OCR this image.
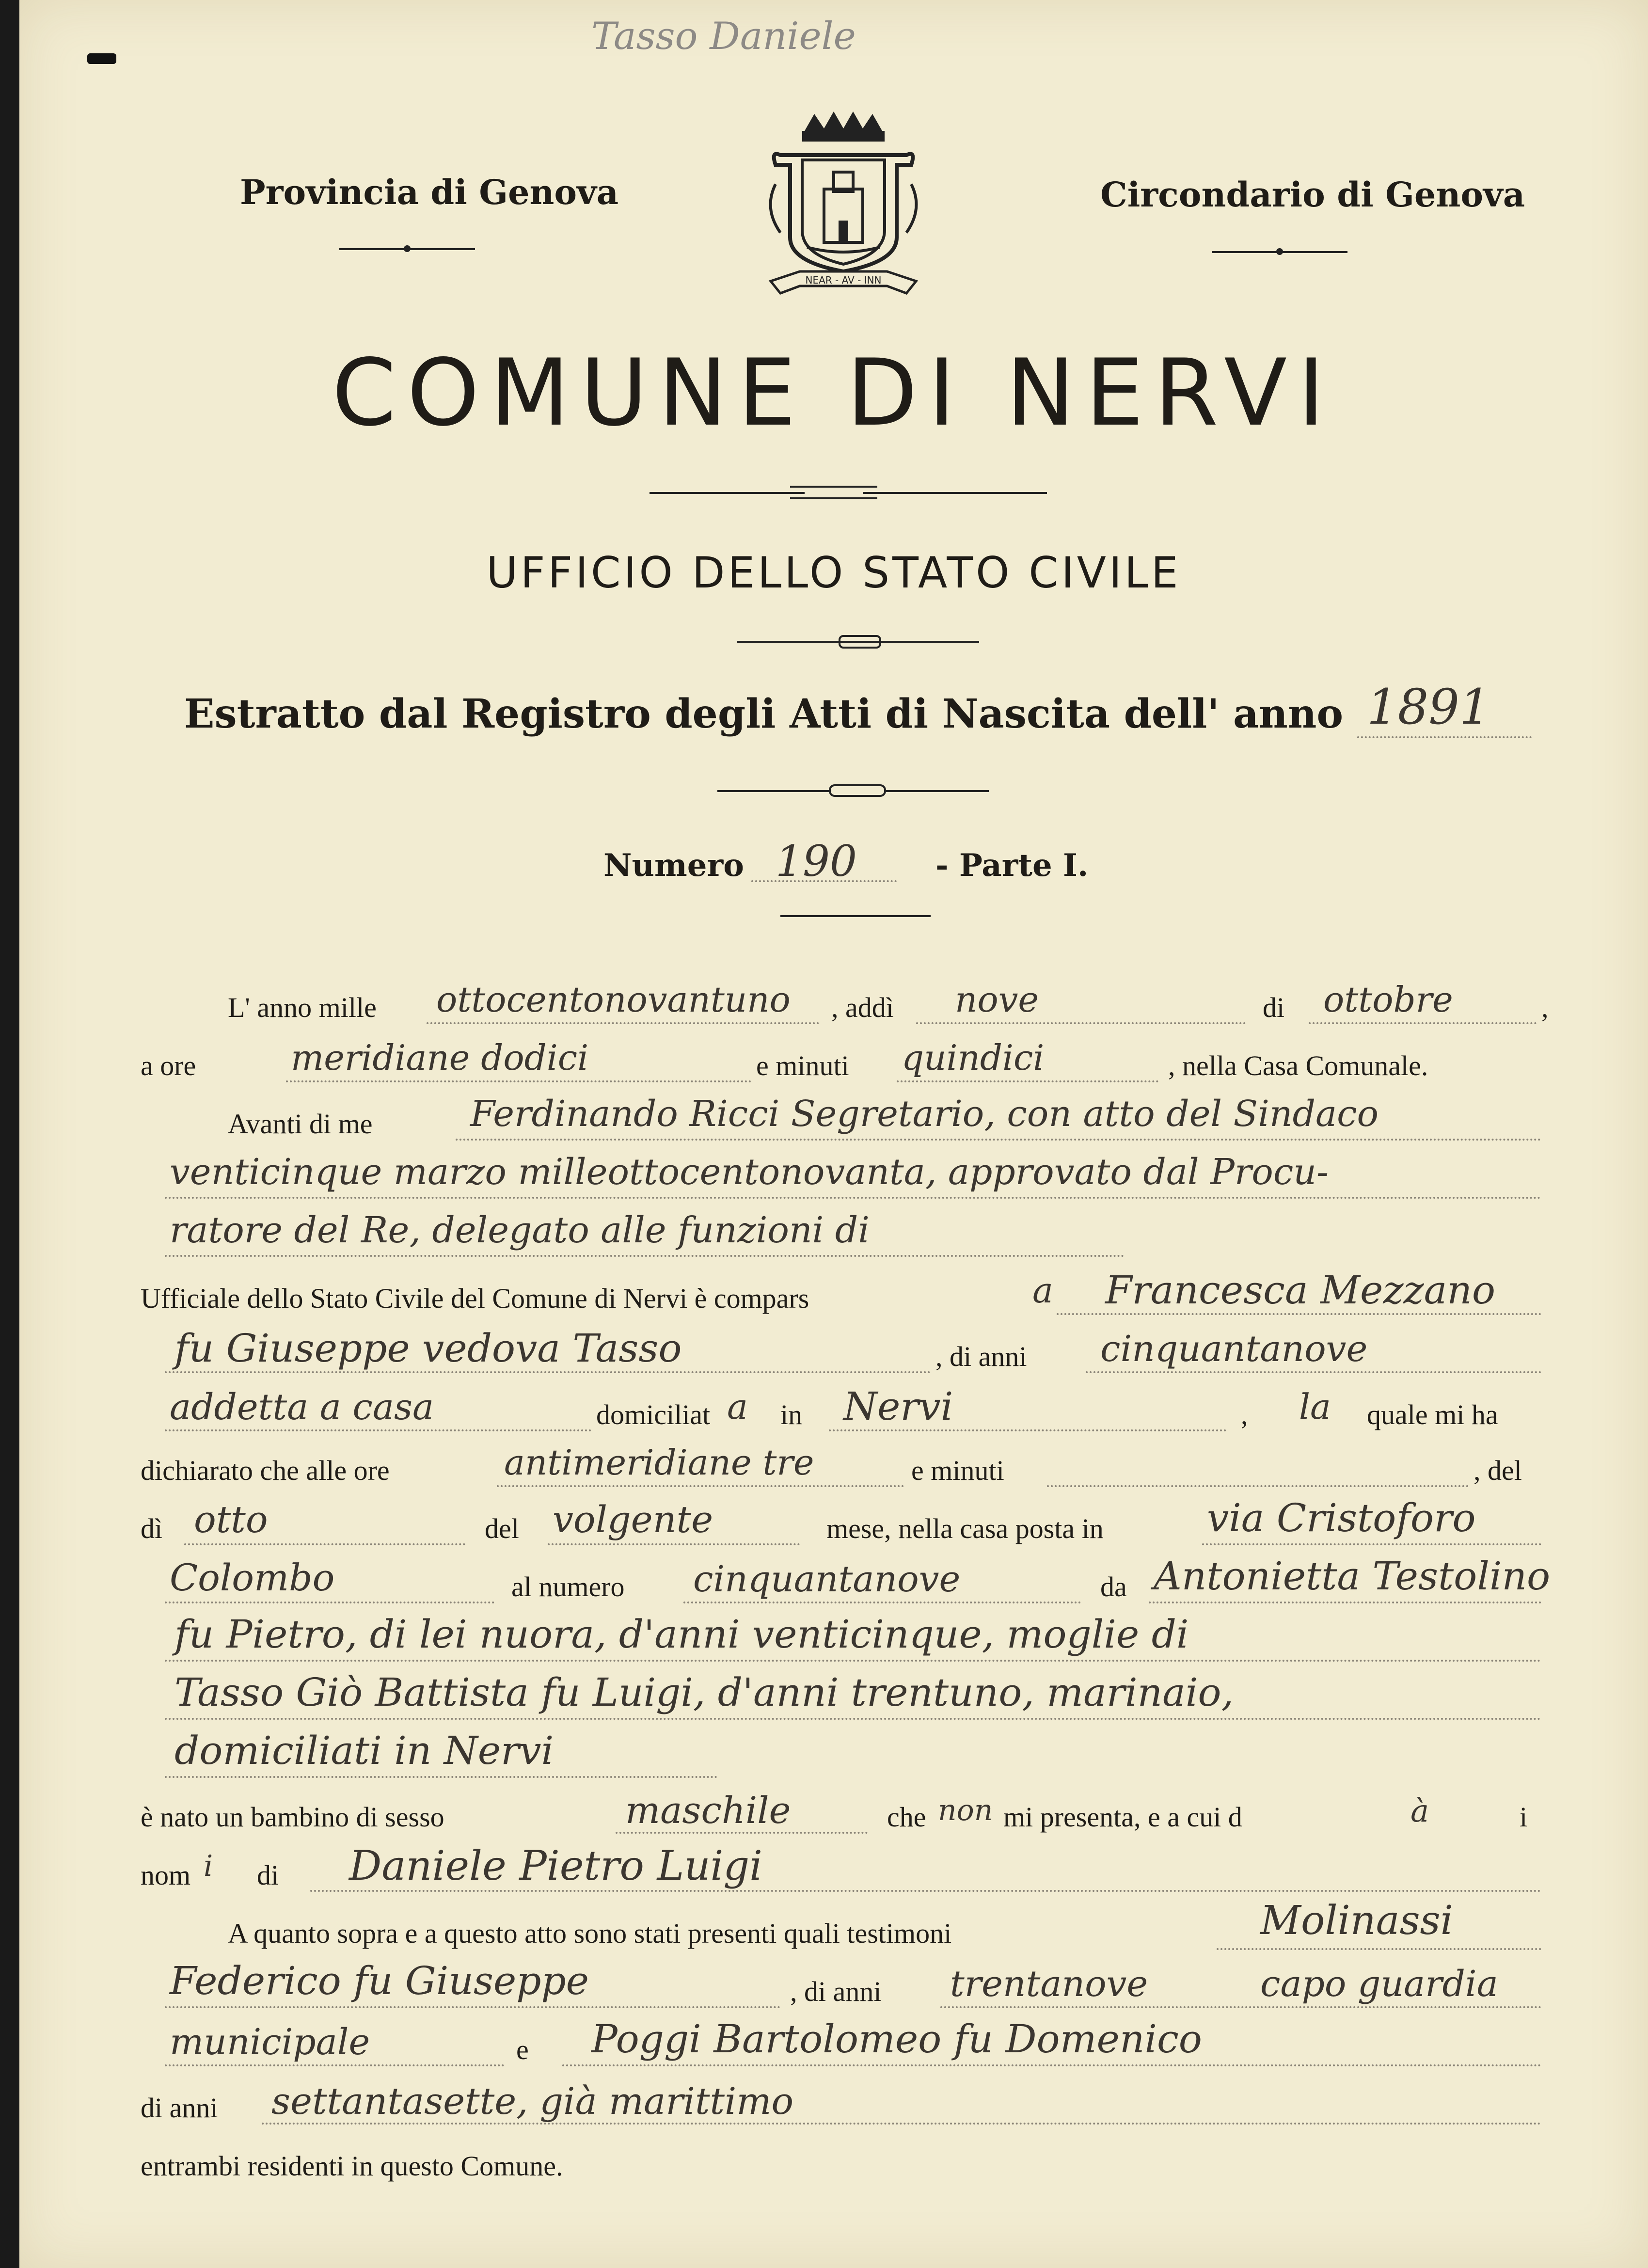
Tasso Daniele
Provincia di Genova	Circondario di Genova
NEAR - AV - INN
COMUNE DI NERVI
UFFICIO DELLO STATO CIVILE
Estratto dal Registro degli Atti di Nascita dell' anno 1891
Numero 190	- Parte I.
L' anno mille ottocentonovantuno , addì nove	di ottobre	,
a ore	meridiane dodici	e minuti quindici	, nella Casa Comunale.
Avanti di me	Ferdinando Ricci Segretario, con atto del Sindaco
venticinque marzo milleottocentonovanta, approvato dal Procu-
ratore del Re, delegato alle funzioni di
Ufficiale dello Stato Civile del Comune di Nervi è compars	a Francesca Mezzano
fu Giuseppe vedova Tasso	, di anni cinquantanove
addetta a casa	domiciliat a in Nervi	, la quale mi ha
dichiarato che alle ore	antimeridiane tre	e minuti	, del
dì otto	del volgente	mese, nella casa posta in	via Cristoforo
Colombo	al numero cinquantanove	da Antonietta Testolino
fu Pietro, di lei nuora, d'anni venticinque, moglie di
Tasso Giò Battista fu Luigi, d'anni trentuno, marinaio,
domiciliati in Nervi
è nato un bambino di sesso	maschile	che non mi presenta, e a cui d	à	i
nom i di Daniele Pietro Luigi
A quanto sopra e a questo atto sono stati presenti quali testimoni	Molinassi
Federico fu Giuseppe	, di anni trentanove	capo guardia
municipale	e Poggi Bartolomeo fu Domenico
di anni settantasette, già marittimo
entrambi residenti in questo Comune.
